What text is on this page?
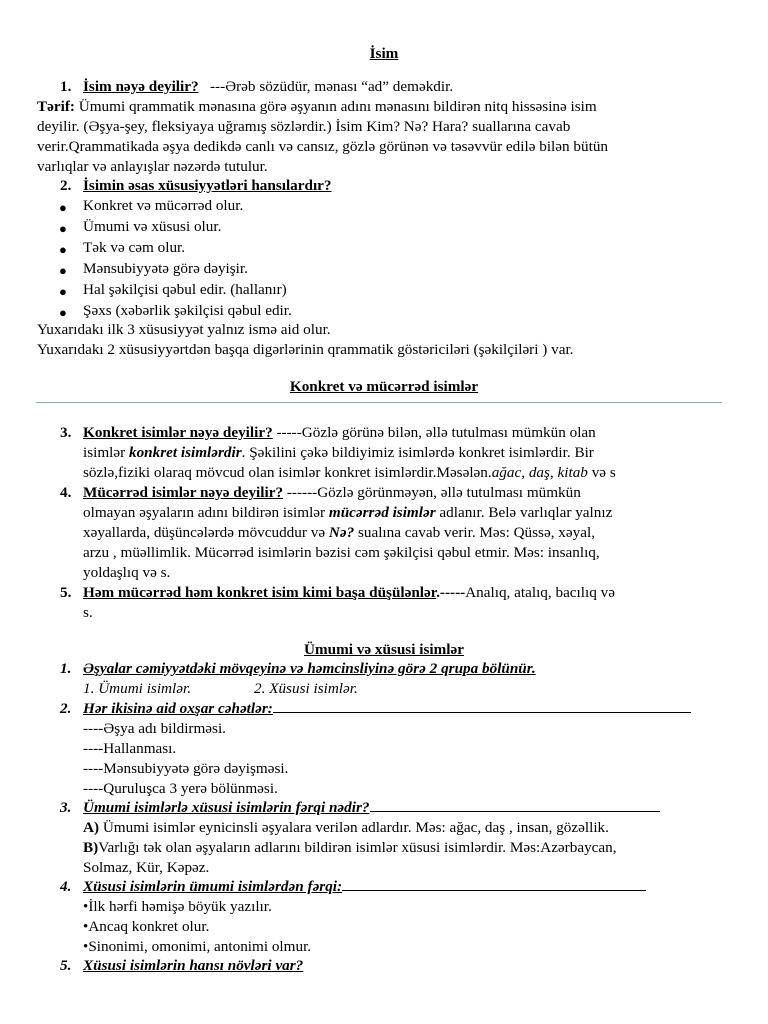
İsim
1. İsim nəyə deyilir? ---Ərəb sözüdür, mənası “ad” deməkdir.
Tərif: Ümumi qrammatik mənasına görə əşyanın adını mənasını bildirən nitq hissəsinə isim
deyilir. (Əşya-şey, fleksiyaya uğramış sözlərdir.) İsim Kim? Nə? Hara? suallarına cavab
verir.Qrammatikada əşya dedikdə canlı və cansız, gözlə görünən və təsəvvür edilə bilən bütün
varlıqlar və anlayışlar nəzərdə tutulur.
2. İsimin əsas xüsusiyyətləri hansılardır?
● Konkret və mücərrəd olur.
● Ümumi və xüsusi olur.
● Tək və cəm olur.
● Mənsubiyyətə görə dəyişir.
● Hal şəkilçisi qəbul edir. (hallanır)
● Şəxs (xəbərlik şəkilçisi qəbul edir.
Yuxarıdakı ilk 3 xüsusiyyət yalnız ismə aid olur.
Yuxarıdakı 2 xüsusiyyərtdən başqa digərlərinin qrammatik göstəriciləri (şəkilçiləri ) var.
Konkret və mücərrəd isimlər
3. Konkret isimlər nəyə deyilir? -----Gözlə görünə bilən, əllə tutulması mümkün olan
isimlər konkret isimlərdir. Şəkilini çəkə bildiyimiz isimlərdə konkret isimlərdir. Bir
sözlə,fiziki olaraq mövcud olan isimlər konkret isimlərdir.Məsələn.ağac, daş, kitab və s
4. Mücərrəd isimlər nəyə deyilir? ------Gözlə görünməyən, əllə tutulması mümkün
olmayan əşyaların adını bildirən isimlər mücərrəd isimlər adlanır. Belə varlıqlar yalnız
xəyallarda, düşüncələrdə mövcuddur və Nə? sualına cavab verir. Məs: Qüssə, xəyal,
arzu , müəllimlik. Mücərrəd isimlərin bəzisi cəm şəkilçisi qəbul etmir. Məs: insanlıq,
yoldaşlıq və s.
5. Həm mücərrəd həm konkret isim kimi başa düşülənlər.-----Analıq, atalıq, bacılıq və
s.
Ümumi və xüsusi isimlər
1. Əşyalar cəmiyyətdəki mövqeyinə və həmcinsliyinə görə 2 qrupa bölünür.
1. Ümumi isimlər.	2. Xüsusi isimlər.
2. Hər ikisinə aid oxşar cəhətlər:
----Əşya adı bildirməsi.
----Hallanması.
----Mənsubiyyətə görə dəyişməsi.
----Quruluşca 3 yerə bölünməsi.
3. Ümumi isimlərlə xüsusi isimlərin fərqi nədir?
A) Ümumi isimlər eynicinsli əşyalara verilən adlardır. Məs: ağac, daş , insan, gözəllik.
B)Varlığı tək olan əşyaların adlarını bildirən isimlər xüsusi isimlərdir. Məs:Azərbaycan,
Solmaz, Kür, Kəpəz.
4. Xüsusi isimlərin ümumi isimlərdən fərqi:
•İlk hərfi həmişə böyük yazılır.
•Ancaq konkret olur.
•Sinonimi, omonimi, antonimi olmur.
5. Xüsusi isimlərin hansı növləri var?
